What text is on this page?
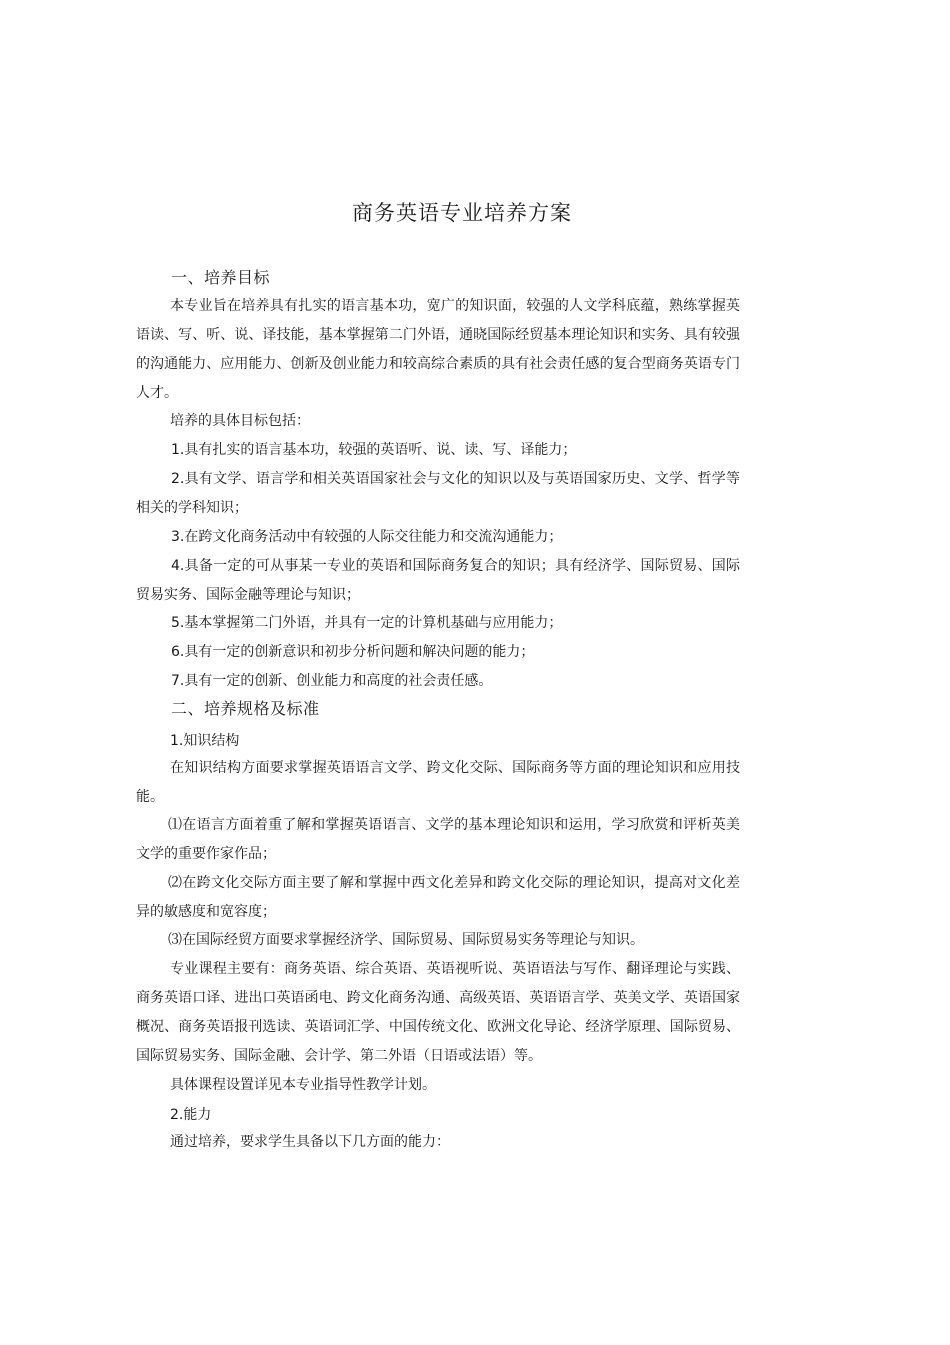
商务英语专业培养方案
一、培养目标

本专业旨在培养具有扎实的语言基本功，宽广的知识面，较强的人文学科底蕴，熟练掌握英语读、写、听、说、译技能，基本掌握第二门外语，通晓国际经贸基本理论知识和实务、具有较强的沟通能力、应用能力、创新及创业能力和较高综合素质的具有社会责任感的复合型商务英语专门人才。

培养的具体目标包括：

1.具有扎实的语言基本功，较强的英语听、说、读、写、译能力；

2.具有文学、语言学和相关英语国家社会与文化的知识以及与英语国家历史、文学、哲学等相关的学科知识；

3.在跨文化商务活动中有较强的人际交往能力和交流沟通能力；

4.具备一定的可从事某一专业的英语和国际商务复合的知识；具有经济学、国际贸易、国际贸易实务、国际金融等理论与知识；

5.基本掌握第二门外语，并具有一定的计算机基础与应用能力；

6.具有一定的创新意识和初步分析问题和解决问题的能力；

7.具有一定的创新、创业能力和高度的社会责任感。

二、培养规格及标准
1.知识结构

在知识结构方面要求掌握英语语言文学、跨文化交际、国际商务等方面的理论知识和应用技能。

⑴在语言方面着重了解和掌握英语语言、文学的基本理论知识和运用，学习欣赏和评析英美文学的重要作家作品；

⑵在跨文化交际方面主要了解和掌握中西文化差异和跨文化交际的理论知识，提高对文化差异的敏感度和宽容度；

⑶在国际经贸方面要求掌握经济学、国际贸易、国际贸易实务等理论与知识。

专业课程主要有：商务英语、综合英语、英语视听说、英语语法与写作、翻译理论与实践、商务英语口译、进出口英语函电、跨文化商务沟通、高级英语、英语语言学、英美文学、英语国家概况、商务英语报刊选读、英语词汇学、中国传统文化、欧洲文化导论、经济学原理、国际贸易、国际贸易实务、国际金融、会计学、第二外语（日语或法语）等。

具体课程设置详见本专业指导性教学计划。

2.能力

通过培养，要求学生具备以下几方面的能力：
